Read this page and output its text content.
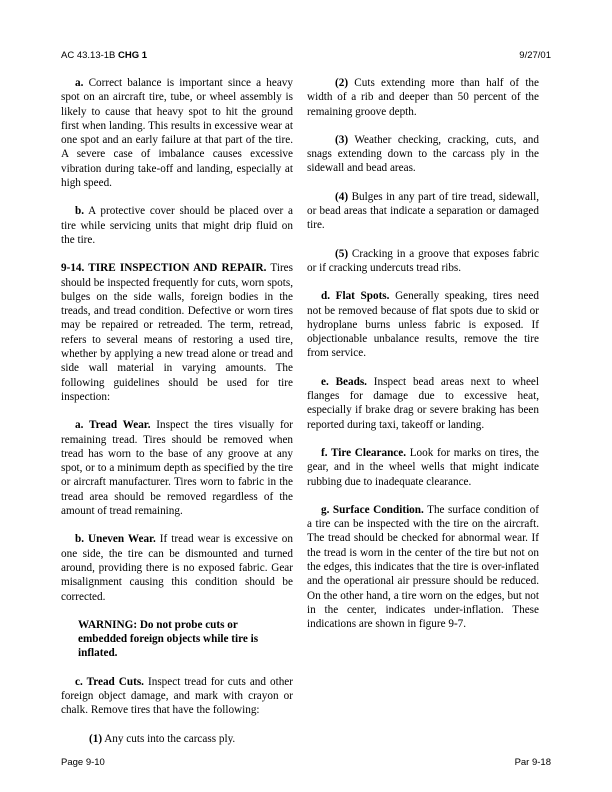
AC 43.13-1B CHG 1	9/27/01

a. Correct balance is important since a heavy spot on an aircraft tire, tube, or wheel assembly is likely to cause that heavy spot to hit the ground first when landing. This results in excessive wear at one spot and an early failure at that part of the tire. A severe case of imbalance causes excessive vibration during take-off and landing, especially at high speed.

b. A protective cover should be placed over a tire while servicing units that might drip fluid on the tire.

9-14. TIRE INSPECTION AND REPAIR. Tires should be inspected frequently for cuts, worn spots, bulges on the side walls, foreign bodies in the treads, and tread condition. Defective or worn tires may be repaired or retreaded. The term, retread, refers to several means of restoring a used tire, whether by applying a new tread alone or tread and side wall material in varying amounts. The following guidelines should be used for tire inspection:

a. Tread Wear. Inspect the tires visually for remaining tread. Tires should be removed when tread has worn to the base of any groove at any spot, or to a minimum depth as specified by the tire or aircraft manufacturer. Tires worn to fabric in the tread area should be removed regardless of the amount of tread remaining.

b. Uneven Wear. If tread wear is excessive on one side, the tire can be dismounted and turned around, providing there is no exposed fabric. Gear misalignment causing this condition should be corrected.

WARNING: Do not probe cuts or embedded foreign objects while tire is inflated.

c. Tread Cuts. Inspect tread for cuts and other foreign object damage, and mark with crayon or chalk. Remove tires that have the following:

(1) Any cuts into the carcass ply.

(2) Cuts extending more than half of the width of a rib and deeper than 50 percent of the remaining groove depth.

(3) Weather checking, cracking, cuts, and snags extending down to the carcass ply in the sidewall and bead areas.

(4) Bulges in any part of tire tread, sidewall, or bead areas that indicate a separation or damaged tire.

(5) Cracking in a groove that exposes fabric or if cracking undercuts tread ribs.

d. Flat Spots. Generally speaking, tires need not be removed because of flat spots due to skid or hydroplane burns unless fabric is exposed. If objectionable unbalance results, remove the tire from service.

e. Beads. Inspect bead areas next to wheel flanges for damage due to excessive heat, especially if brake drag or severe braking has been reported during taxi, takeoff or landing.

f. Tire Clearance. Look for marks on tires, the gear, and in the wheel wells that might indicate rubbing due to inadequate clearance.

g. Surface Condition. The surface condition of a tire can be inspected with the tire on the aircraft. The tread should be checked for abnormal wear. If the tread is worn in the center of the tire but not on the edges, this indicates that the tire is over-inflated and the operational air pressure should be reduced. On the other hand, a tire worn on the edges, but not in the center, indicates under-inflation. These indications are shown in figure 9-7.

Page 9-10	Par 9-18
